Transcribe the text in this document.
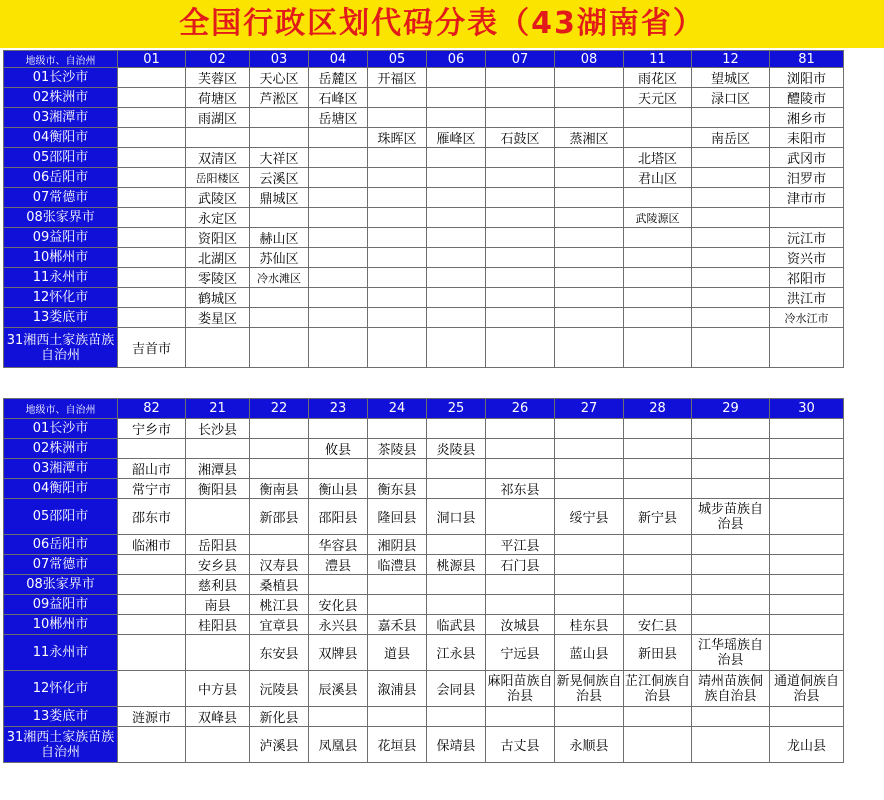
全国行政区划代码分表（43湖南省）
地级市、自治州	01	02	03	04	05	06	07	08	11	12	81
01长沙市		芙蓉区	天心区	岳麓区	开福区				雨花区	望城区	浏阳市
02株洲市		荷塘区	芦淞区	石峰区					天元区	渌口区	醴陵市
03湘潭市		雨湖区		岳塘区							湘乡市
04衡阳市					珠晖区	雁峰区	石鼓区	蒸湘区		南岳区	耒阳市
05邵阳市		双清区	大祥区						北塔区		武冈市
06岳阳市		岳阳楼区	云溪区						君山区		汨罗市
07常德市		武陵区	鼎城区								津市市
08张家界市		永定区							武陵源区		
09益阳市		资阳区	赫山区								沅江市
10郴州市		北湖区	苏仙区								资兴市
11永州市		零陵区	冷水滩区								祁阳市
12怀化市		鹤城区									洪江市
13娄底市		娄星区									冷水江市
31湘西土家族苗族自治州	吉首市										
地级市、自治州	82	21	22	23	24	25	26	27	28	29	30
01长沙市	宁乡市	长沙县									
02株洲市				攸县	茶陵县	炎陵县					
03湘潭市	韶山市	湘潭县									
04衡阳市	常宁市	衡阳县	衡南县	衡山县	衡东县		祁东县				
05邵阳市	邵东市		新邵县	邵阳县	隆回县	洞口县		绥宁县	新宁县	城步苗族自治县	
06岳阳市	临湘市	岳阳县		华容县	湘阴县		平江县				
07常德市		安乡县	汉寿县	澧县	临澧县	桃源县	石门县				
08张家界市		慈利县	桑植县								
09益阳市		南县	桃江县	安化县							
10郴州市		桂阳县	宜章县	永兴县	嘉禾县	临武县	汝城县	桂东县	安仁县		
11永州市			东安县	双牌县	道县	江永县	宁远县	蓝山县	新田县	江华瑶族自治县	
12怀化市		中方县	沅陵县	辰溪县	溆浦县	会同县	麻阳苗族自治县	新晃侗族自治县	芷江侗族自治县	靖州苗族侗族自治县	通道侗族自治县
13娄底市	涟源市	双峰县	新化县								
31湘西土家族苗族自治州			泸溪县	凤凰县	花垣县	保靖县	古丈县	永顺县			龙山县
